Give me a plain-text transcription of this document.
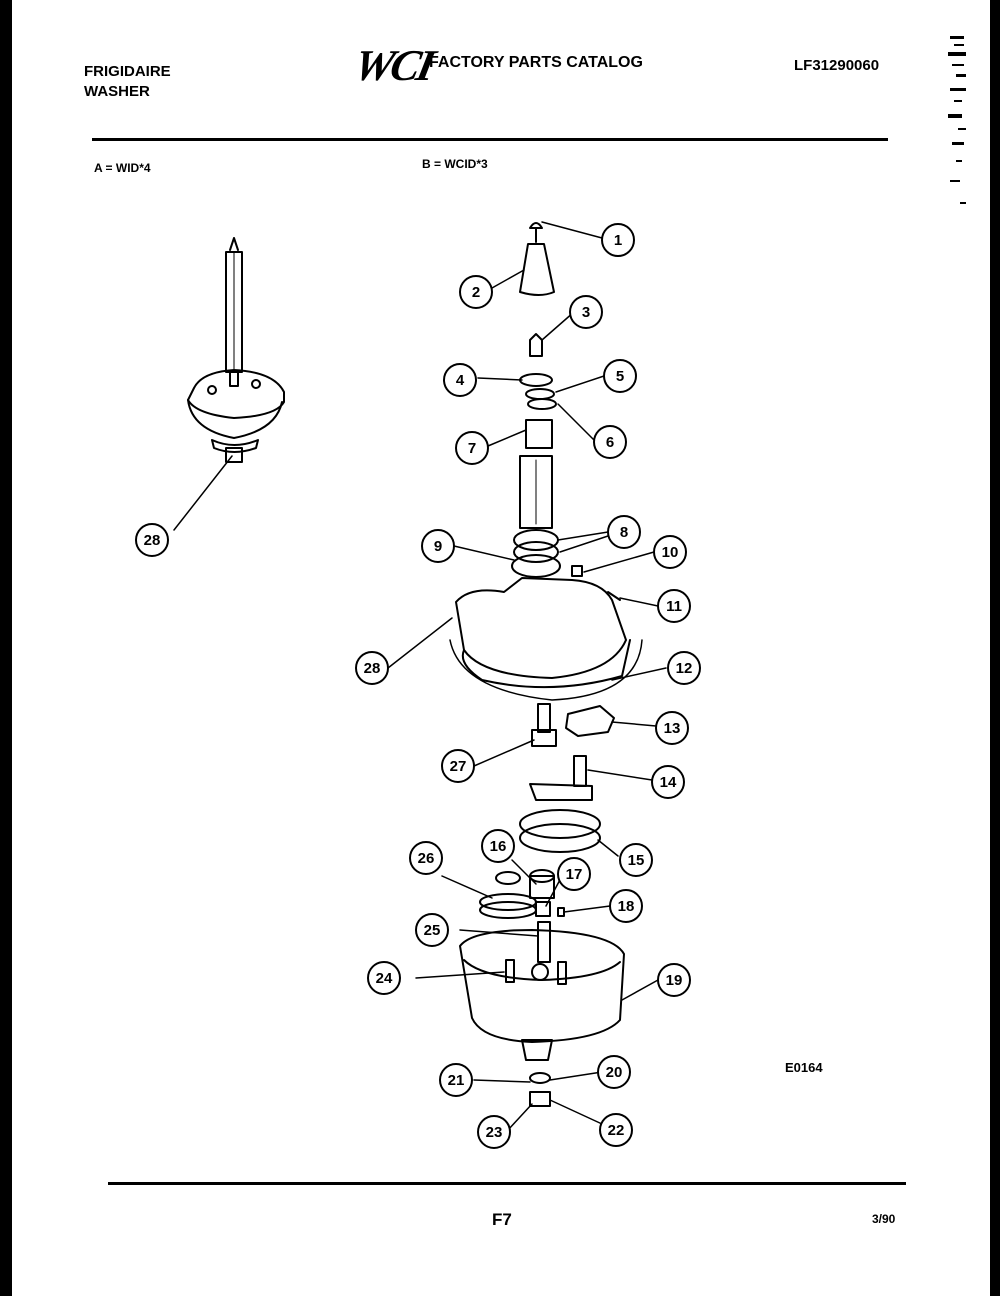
FRIGIDAIRE
WASHER
WCI
FACTORY PARTS CATALOG	LF31290060
A = WID*4	B = WCID*3
1
2
3
4	5
6
7
8
9	10
11
12
13
14
15
16
17
18
19
20
21
22
23
24
25
26
27
28
28
E0164
F7	3/90
